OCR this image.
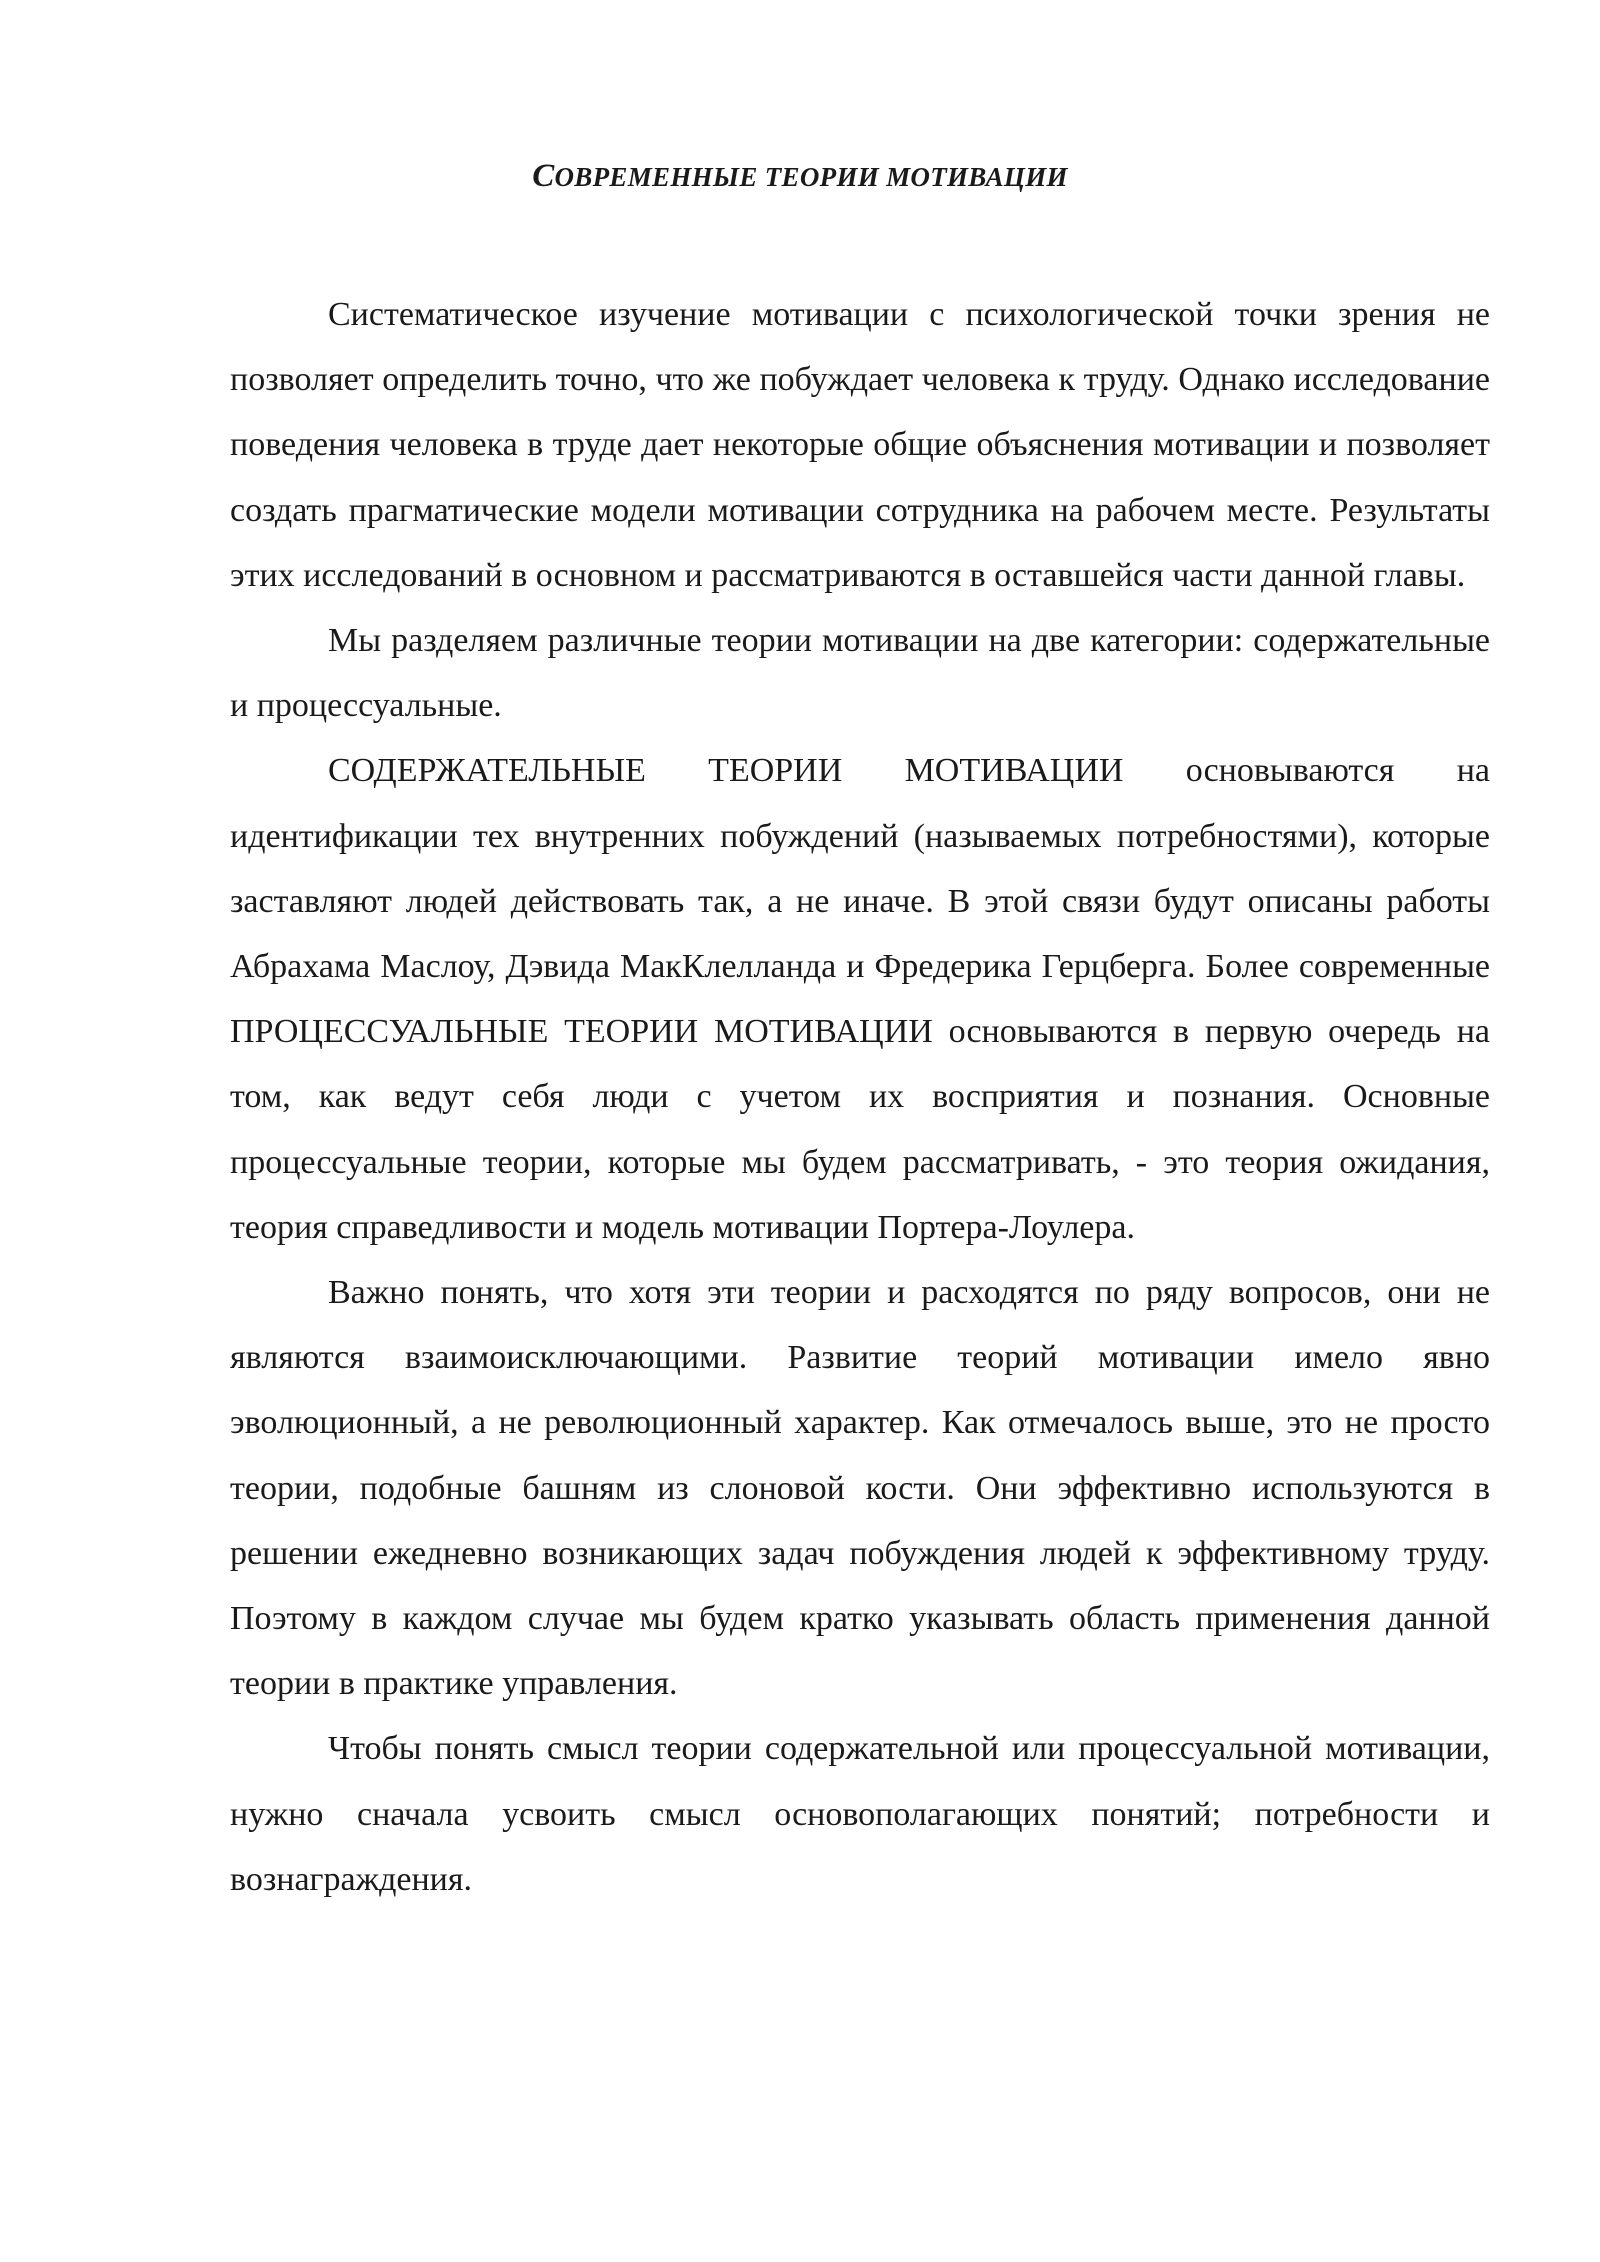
СОВРЕМЕННЫЕ ТЕОРИИ МОТИВАЦИИ

Систематическое изучение мотивации с психологической точки зрения не позволяет определить точно, что же побуждает человека к труду. Однако исследование поведения человека в труде дает некоторые общие объяснения мотивации и позволяет создать прагматические модели мотивации сотрудника на рабочем месте. Результаты этих исследований в основном и рассматриваются в оставшейся части данной главы.

Мы разделяем различные теории мотивации на две категории: содержательные и процессуальные.

СОДЕРЖАТЕЛЬНЫЕ ТЕОРИИ МОТИВАЦИИ основываются на идентификации тех внутренних побуждений (называемых потребностями), которые заставляют людей действовать так, а не иначе. В этой связи будут описаны работы Абрахама Маслоу, Дэвида МакКлелланда и Фредерика Герцберга. Более современные ПРОЦЕССУАЛЬНЫЕ ТЕОРИИ МОТИВАЦИИ основываются в первую очередь на том, как ведут себя люди с учетом их восприятия и познания. Основные процессуальные теории, которые мы будем рассматривать, - это теория ожидания, теория справедливости и модель мотивации Портера-Лоулера.

Важно понять, что хотя эти теории и расходятся по ряду вопросов, они не являются взаимоисключающими. Развитие теорий мотивации имело явно эволюционный, а не революционный характер. Как отмечалось выше, это не просто теории, подобные башням из слоновой кости. Они эффективно используются в решении ежедневно возникающих задач побуждения людей к эффективному труду. Поэтому в каждом случае мы будем кратко указывать область применения данной теории в практике управления.

Чтобы понять смысл теории содержательной или процессуальной мотивации, нужно сначала усвоить смысл основополагающих понятий; потребности и вознаграждения.
